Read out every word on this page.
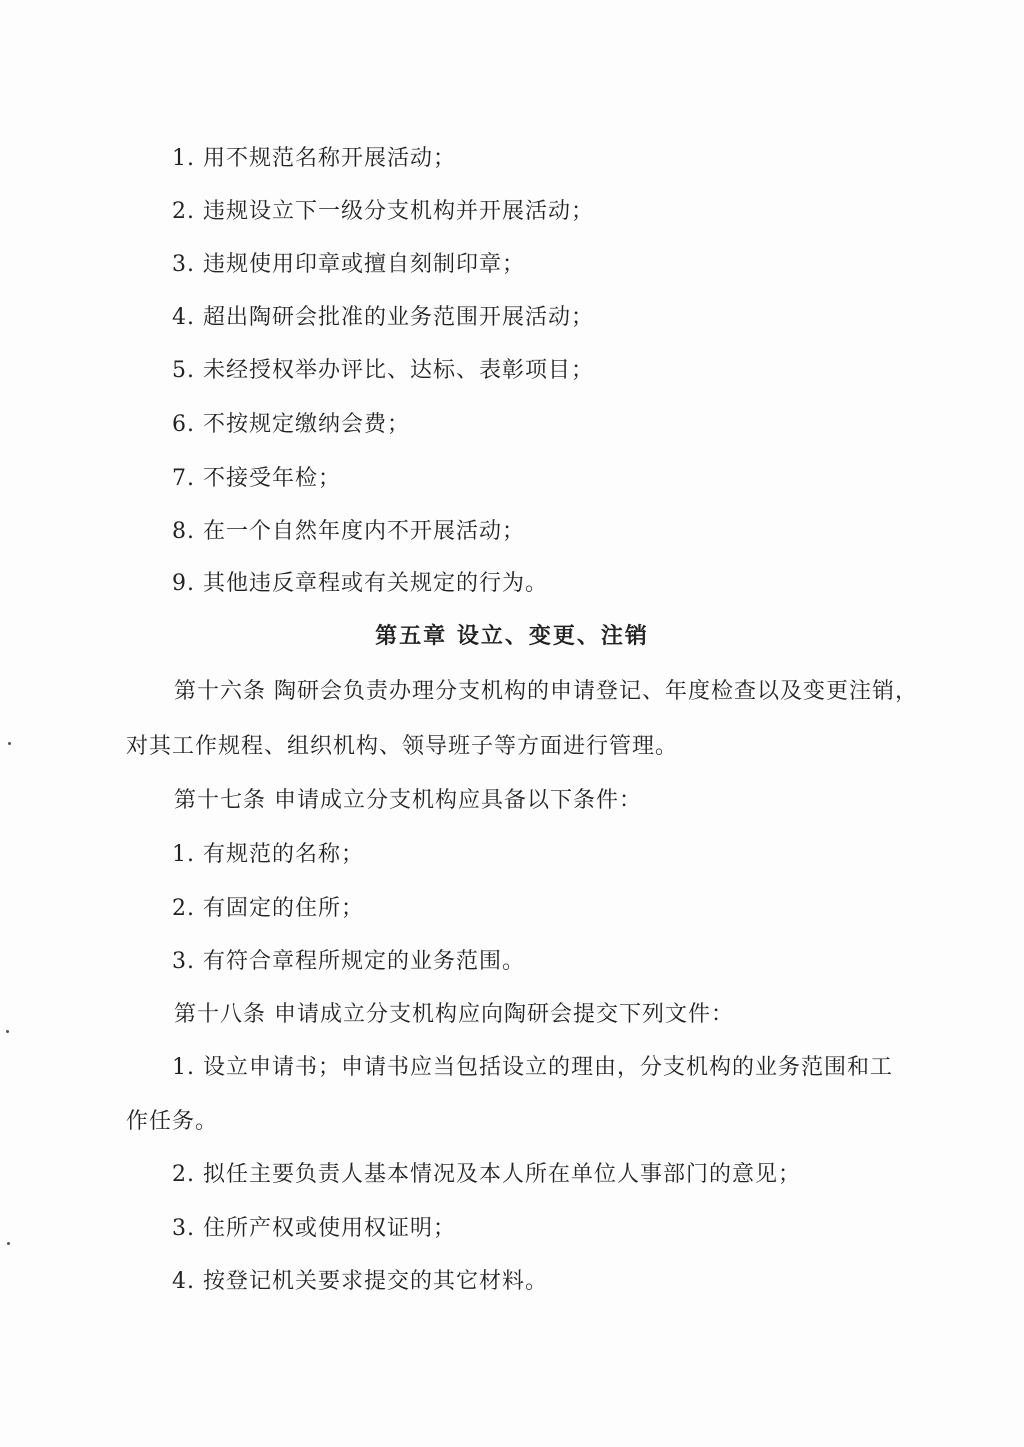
1. 用不规范名称开展活动；
2. 违规设立下一级分支机构并开展活动；
3. 违规使用印章或擅自刻制印章；
4. 超出陶研会批准的业务范围开展活动；
5. 未经授权举办评比、达标、表彰项目；
6. 不按规定缴纳会费；
7. 不接受年检；
8. 在一个自然年度内不开展活动；
9. 其他违反章程或有关规定的行为。
第五章 设立、变更、注销
第十六条 陶研会负责办理分支机构的申请登记、年度检查以及变更注销，
对其工作规程、组织机构、领导班子等方面进行管理。
第十七条 申请成立分支机构应具备以下条件：
1. 有规范的名称；
2. 有固定的住所；
3. 有符合章程所规定的业务范围。
第十八条 申请成立分支机构应向陶研会提交下列文件：
1. 设立申请书；申请书应当包括设立的理由，分支机构的业务范围和工
作任务。
2. 拟任主要负责人基本情况及本人所在单位人事部门的意见；
3. 住所产权或使用权证明；
4. 按登记机关要求提交的其它材料。
